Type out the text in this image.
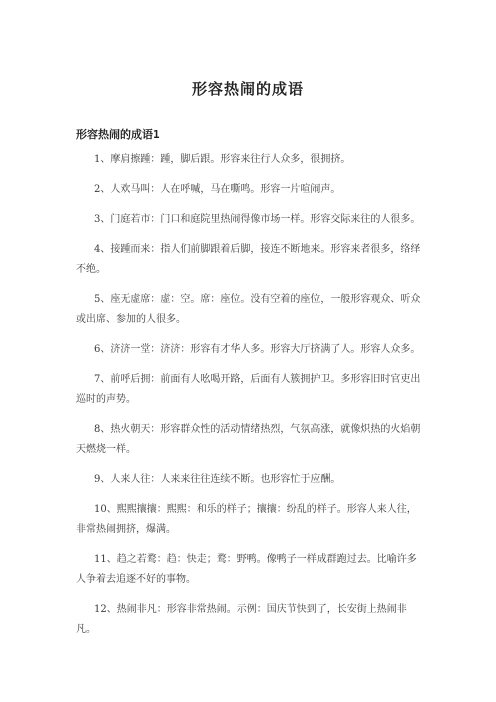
形容热闹的成语
形容热闹的成语1

1、摩肩擦踵：踵，脚后跟。形容来往行人众多，很拥挤。

2、人欢马叫：人在呼喊，马在嘶鸣。形容一片喧闹声。

3、门庭若市：门口和庭院里热闹得像市场一样。形容交际来往的人很多。

4、接踵而来：指人们前脚跟着后脚，接连不断地来。形容来者很多，络绎不绝。

5、座无虚席：虚：空。席：座位。没有空着的座位，一般形容观众、听众或出席、参加的人很多。

6、济济一堂：济济：形容有才华人多。形容大厅挤满了人。形容人众多。

7、前呼后拥：前面有人吆喝开路，后面有人簇拥护卫。多形容旧时官吏出巡时的声势。

8、热火朝天：形容群众性的活动情绪热烈，气氛高涨，就像炽热的火焰朝天燃烧一样。

9、人来人往：人来来往往连续不断。也形容忙于应酬。

10、熙熙攘攘：熙熙：和乐的样子；攘攘：纷乱的样子。形容人来人往，非常热闹拥挤，爆满。

11、趋之若鹜：趋：快走；鹜：野鸭。像鸭子一样成群跑过去。比喻许多人争着去追逐不好的事物。

12、热闹非凡：形容非常热闹。示例：国庆节快到了，长安街上热闹非凡。
